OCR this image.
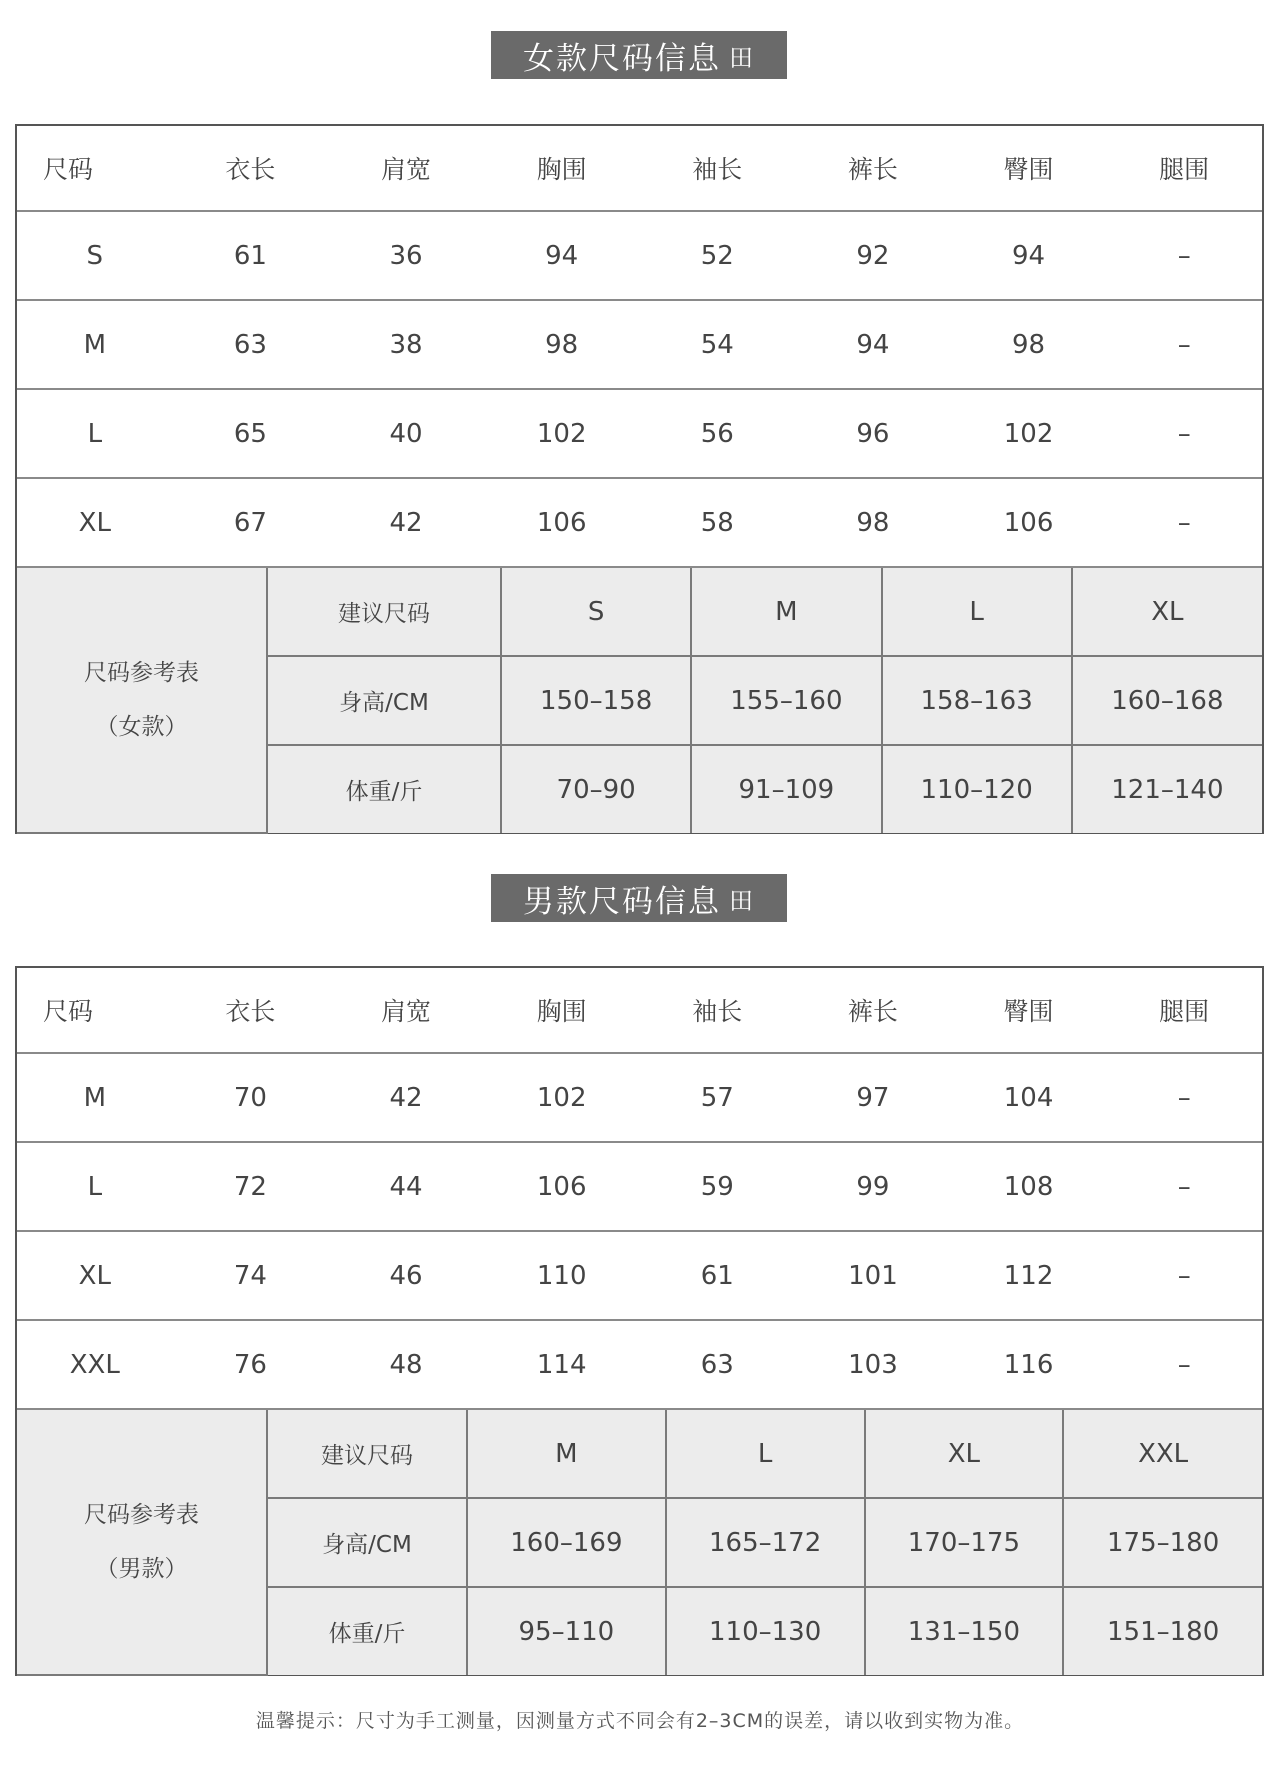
女款尺码信息 田
尺码	衣长	肩宽	胸围	袖长	裤长	臀围	腿围
S	61	36	94	52	92	94	–
M	63	38	98	54	94	98	–
L	65	40	102	56	96	102	–
XL	67	42	106	58	98	106	–
尺码参考表
（女款）	建议尺码	S	M	L	XL
	身高/CM	150–158	155–160	158–163	160–168
	体重/斤	70–90	91–109	110–120	121–140
男款尺码信息 田
尺码	衣长	肩宽	胸围	袖长	裤长	臀围	腿围
M	70	42	102	57	97	104	–
L	72	44	106	59	99	108	–
XL	74	46	110	61	101	112	–
XXL	76	48	114	63	103	116	–
尺码参考表
（男款）	建议尺码	M	L	XL	XXL
	身高/CM	160–169	165–172	170–175	175–180
	体重/斤	95–110	110–130	131–150	151–180
温馨提示：尺寸为手工测量，因测量方式不同会有2–3CM的误差，请以收到实物为准。
